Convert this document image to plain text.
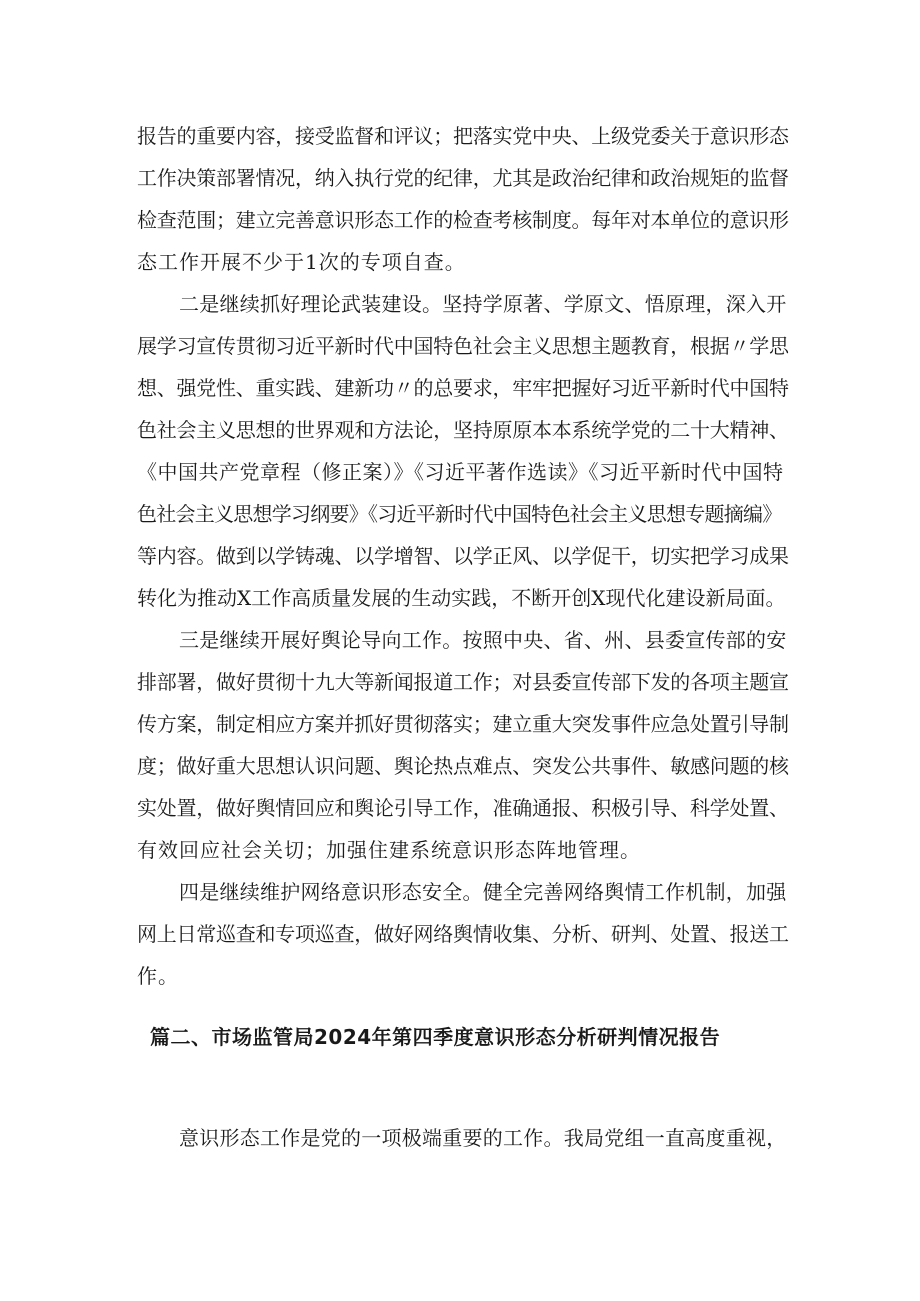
报告的重要内容，接受监督和评议；把落实党中央、上级党委关于意识形态
工作决策部署情况，纳入执行党的纪律，尤其是政治纪律和政治规矩的监督
检查范围；建立完善意识形态工作的检查考核制度。每年对本单位的意识形
态工作开展不少于1次的专项自查。
二是继续抓好理论武装建设。坚持学原著、学原文、悟原理，深入开
展学习宣传贯彻习近平新时代中国特色社会主义思想主题教育，根据〃学思
想、强党性、重实践、建新功〃的总要求，牢牢把握好习近平新时代中国特
色社会主义思想的世界观和方法论，坚持原原本本系统学党的二十大精神、
《中国共产党章程（修正案）》《习近平著作选读》《习近平新时代中国特
色社会主义思想学习纲要》《习近平新时代中国特色社会主义思想专题摘编》
等内容。做到以学铸魂、以学增智、以学正风、以学促干，切实把学习成果
转化为推动X工作高质量发展的生动实践，不断开创X现代化建设新局面。
三是继续开展好舆论导向工作。按照中央、省、州、县委宣传部的安
排部署，做好贯彻十九大等新闻报道工作；对县委宣传部下发的各项主题宣
传方案，制定相应方案并抓好贯彻落实；建立重大突发事件应急处置引导制
度；做好重大思想认识问题、舆论热点难点、突发公共事件、敏感问题的核
实处置，做好舆情回应和舆论引导工作，准确通报、积极引导、科学处置、
有效回应社会关切；加强住建系统意识形态阵地管理。
四是继续维护网络意识形态安全。健全完善网络舆情工作机制，加强
网上日常巡查和专项巡查，做好网络舆情收集、分析、研判、处置、报送工
作。
篇二、市场监管局2024年第四季度意识形态分析研判情况报告
意识形态工作是党的一项极端重要的工作。我局党组一直高度重视，
